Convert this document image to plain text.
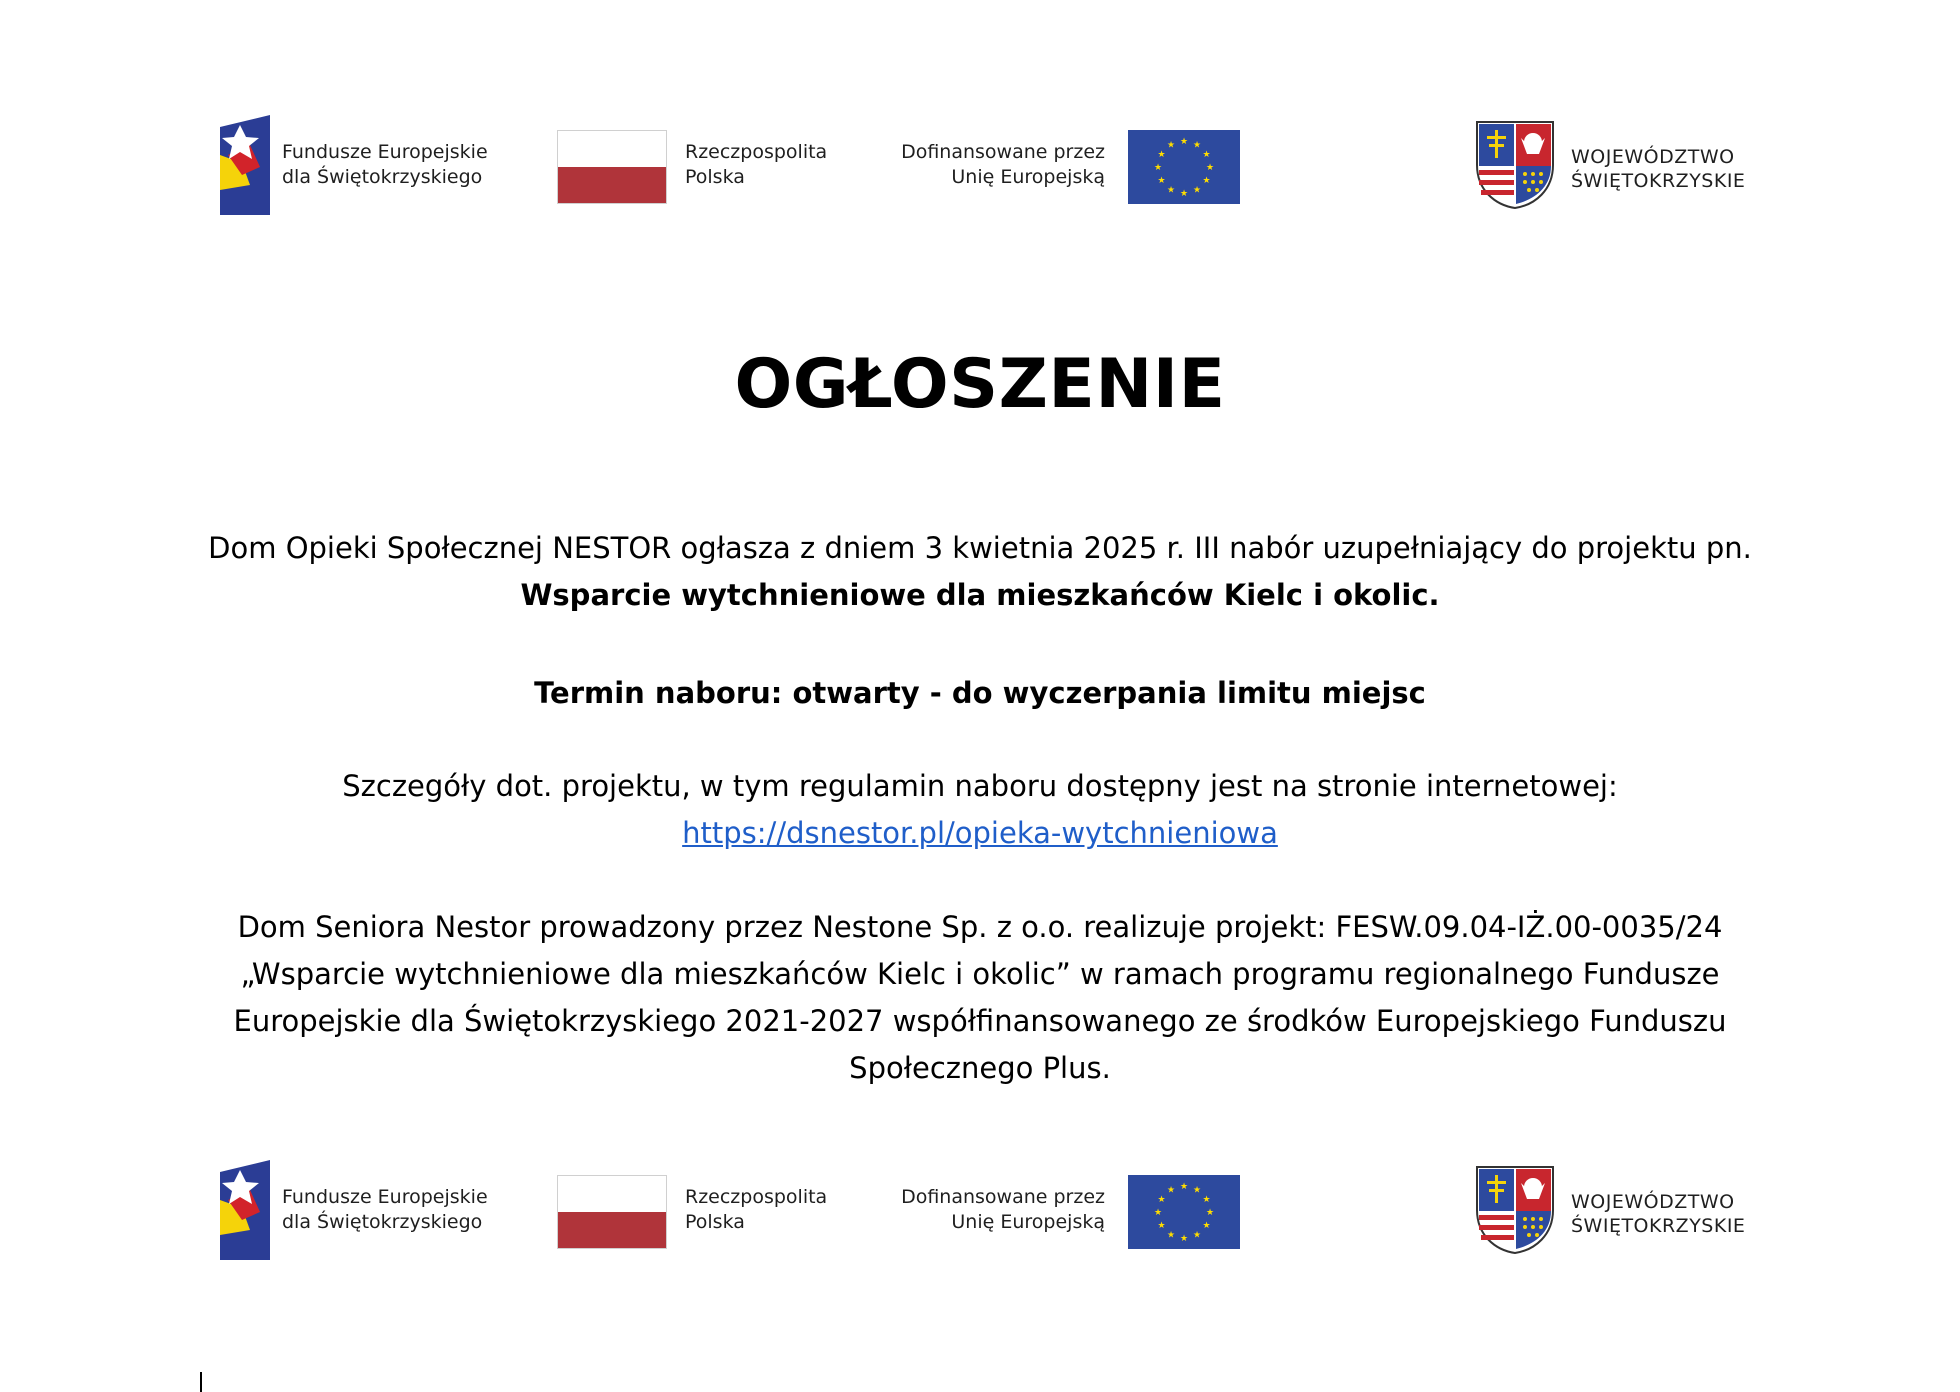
Fundusze Europejskie
dla Świętokrzyskiego
Rzeczpospolita
Polska
Dofinansowane przez
Unię Europejską
★ ★
★
★
★
★
★
★
★
★
★
★
WOJEWÓDZTWO
ŚWIĘTOKRZYSKIE
OGŁOSZENIE

Dom Opieki Społecznej NESTOR ogłasza z dniem 3 kwietnia 2025 r. III nabór uzupełniający do projektu pn. Wsparcie wytchnieniowe dla mieszkańców Kielc i okolic.

Termin naboru: otwarty - do wyczerpania limitu miejsc

Szczegóły dot. projektu, w tym regulamin naboru dostępny jest na stronie internetowej:
https://dsnestor.pl/opieka-wytchnieniowa

Dom Seniora Nestor prowadzony przez Nestone Sp. z o.o. realizuje projekt: FESW.09.04-IŻ.00-0035/24 „Wsparcie wytchnieniowe dla mieszkańców Kielc i okolic” w ramach programu regionalnego Fundusze Europejskie dla Świętokrzyskiego 2021-2027 współfinansowanego ze środków Europejskiego Funduszu Społecznego Plus.

Fundusze Europejskie
dla Świętokrzyskiego
Rzeczpospolita
Polska
Dofinansowane przez
Unię Europejską
★ ★
★
★
★
★
★
★
★
★
★
★
WOJEWÓDZTWO
ŚWIĘTOKRZYSKIE
